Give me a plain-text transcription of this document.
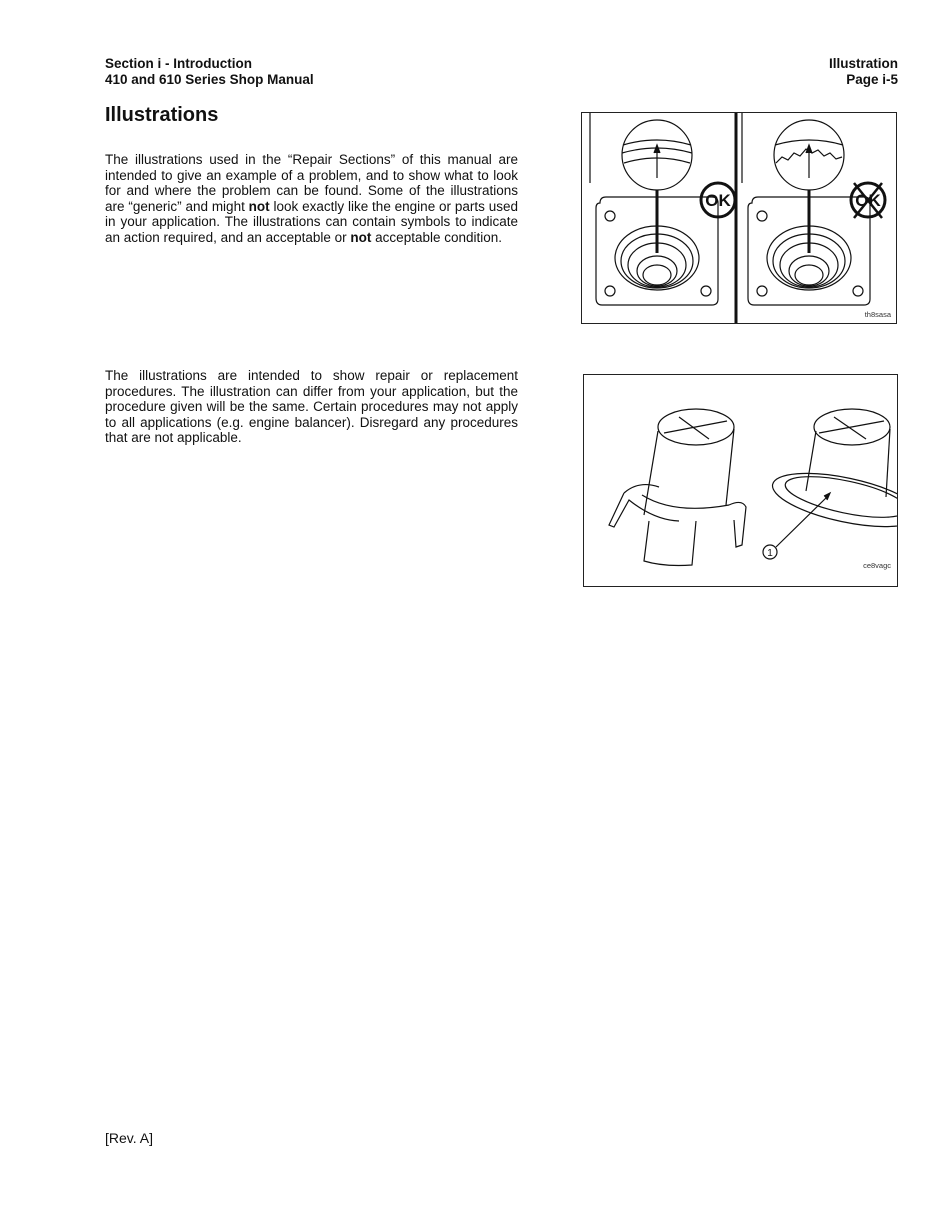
Section i - Introduction
410 and 610 Series Shop Manual
Illustration
Page i-5
Illustrations
The illustrations used in the “Repair Sections” of this manual are intended to give an example of a problem, and to show what to look for and where the problem can be found. Some of the illustrations are “generic” and might not look exactly like the engine or parts used in your application. The illustrations can contain symbols to indicate an action required, and an acceptable or not acceptable condition.
The illustrations are intended to show repair or replacement procedures. The illustration can differ from your application, but the procedure given will be the same. Certain procedures may not apply to all applications (e.g. engine balancer). Disregard any procedures that are not applicable.
OK	OK
th8sasa
1
ce8vagc
[Rev. A]
